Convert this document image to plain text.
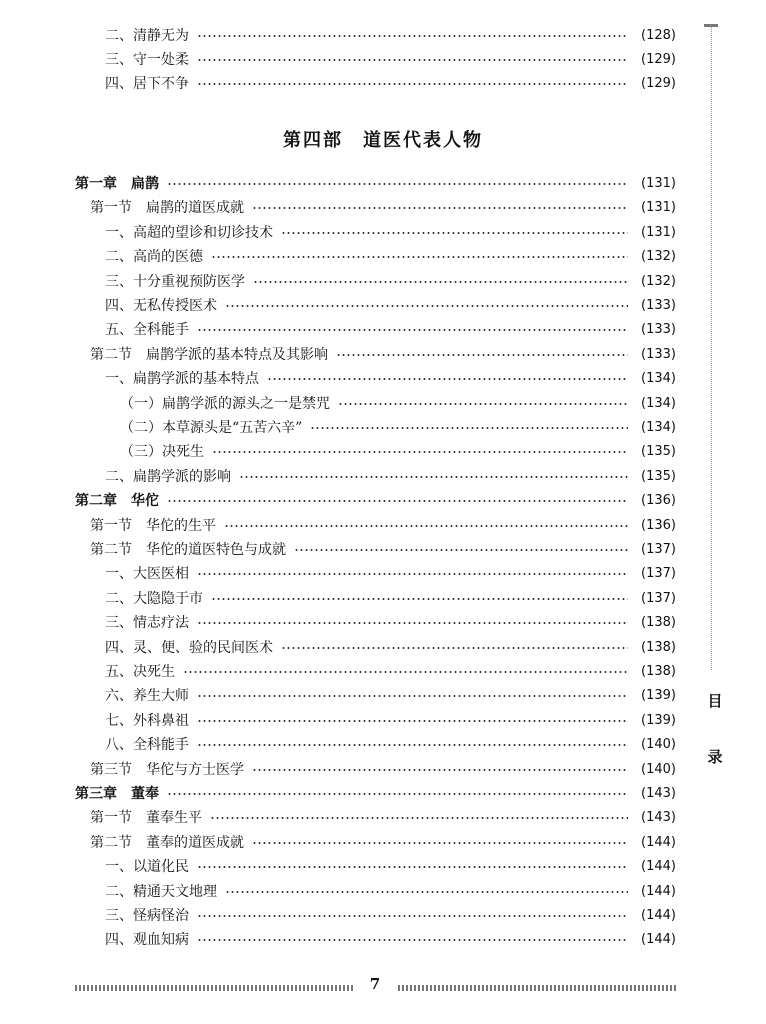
二、清静无为	(128)
三、守一处柔	(129)
四、居下不争	(129)
第一章　扁鹊	(131)
第一节　扁鹊的道医成就	(131)
一、高超的望诊和切诊技术	(131)
二、高尚的医德	(132)
三、十分重视预防医学	(132)
四、无私传授医术	(133)
五、全科能手	(133)
第二节　扁鹊学派的基本特点及其影响	(133)
一、扁鹊学派的基本特点	(134)
（一）扁鹊学派的源头之一是禁咒	(134)
（二）本草源头是“五苦六辛”	(134)
（三）决死生	(135)
二、扁鹊学派的影响	(135)
第二章　华佗	(136)
第一节　华佗的生平	(136)
第二节　华佗的道医特色与成就	(137)
一、大医医相	(137)
二、大隐隐于市	(137)
三、情志疗法	(138)
四、灵、便、验的民间医术	(138)
五、决死生	(138)
六、养生大师	(139)
七、外科鼻祖	(139)
八、全科能手	(140)
第三节　华佗与方士医学	(140)
第三章　董奉	(143)
第一节　董奉生平	(143)
第二节　董奉的道医成就	(144)
一、以道化民	(144)
二、精通天文地理	(144)
三、怪病怪治	(144)
四、观血知病	(144)
第四部　道医代表人物
目
录
7
